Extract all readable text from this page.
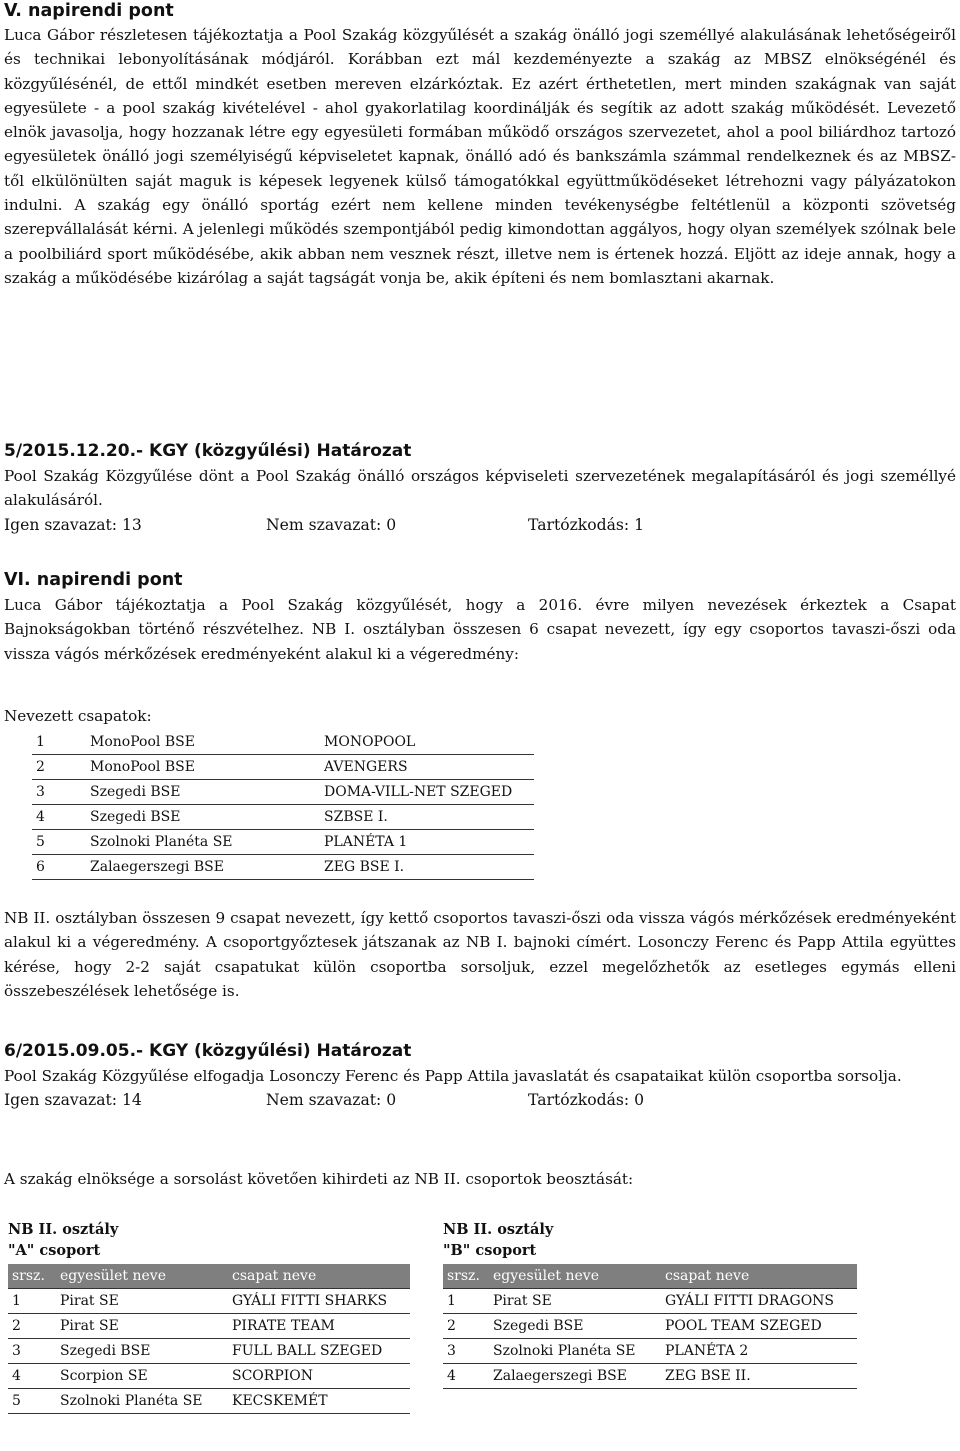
V. napirendi pont

Luca Gábor részletesen tájékoztatja a Pool Szakág közgyűlését a szakág önálló jogi személlyé alakulásának lehetőségeiről és technikai lebonyolításának módjáról. Korábban ezt mál kezdeményezte a szakág az MBSZ elnökségénél és közgyűlésénél, de ettől mindkét esetben mereven elzárkóztak. Ez azért érthetetlen, mert minden szakágnak van saját egyesülete - a pool szakág kivételével - ahol gyakorlatilag koordinálják és segítik az adott szakág működését. Levezető elnök javasolja, hogy hozzanak létre egy egyesületi formában működő országos szervezetet, ahol a pool biliárdhoz tartozó egyesületek önálló jogi személyiségű képviseletet kapnak, önálló adó és bankszámla számmal rendelkeznek és az MBSZ-től elkülönülten saját maguk is képesek legyenek külső támogatókkal együttműködéseket létrehozni vagy pályázatokon indulni. A szakág egy önálló sportág ezért nem kellene minden tevékenységbe feltétlenül a központi szövetség szerepvállalását kérni. A jelenlegi működés szempontjából pedig kimondottan aggályos, hogy olyan személyek szólnak bele a poolbiliárd sport működésébe, akik abban nem vesznek részt, illetve nem is értenek hozzá. Eljött az ideje annak, hogy a szakág a működésébe kizárólag a saját tagságát vonja be, akik építeni és nem bomlasztani akarnak.

5/2015.12.20.- KGY (közgyűlési) Határozat

Pool Szakág Közgyűlése dönt a Pool Szakág önálló országos képviseleti szervezetének megalapításáról és jogi személlyé alakulásáról.

Igen szavazat: 13	Nem szavazat: 0	Tartózkodás: 1

VI. napirendi pont

Luca Gábor tájékoztatja a Pool Szakág közgyűlését, hogy a 2016. évre milyen nevezések érkeztek a Csapat Bajnokságokban történő részvételhez. NB I. osztályban összesen 6 csapat nevezett, így egy csoportos tavaszi-őszi oda vissza vágós mérkőzések eredményeként alakul ki a végeredmény:

Nevezett csapatok:

1	MonoPool BSE	MONOPOOL
2	MonoPool BSE	AVENGERS
3	Szegedi BSE	DOMA-VILL-NET SZEGED
4	Szegedi BSE	SZBSE I.
5	Szolnoki Planéta SE	PLANÉTA 1
6	Zalaegerszegi BSE	ZEG BSE I.

NB II. osztályban összesen 9 csapat nevezett, így kettő csoportos tavaszi-őszi oda vissza vágós mérkőzések eredményeként alakul ki a végeredmény. A csoportgyőztesek játszanak az NB I. bajnoki címért. Losonczy Ferenc és Papp Attila együttes kérése, hogy 2-2 saját csapatukat külön csoportba sorsoljuk, ezzel megelőzhetők az esetleges egymás elleni összebeszélések lehetősége is.

6/2015.09.05.- KGY (közgyűlési) Határozat

Pool Szakág Közgyűlése elfogadja Losonczy Ferenc és Papp Attila javaslatát és csapataikat külön csoportba sorsolja.

Igen szavazat: 14	Nem szavazat: 0	Tartózkodás: 0

A szakág elnöksége a sorsolást követően kihirdeti az NB II. csoportok beosztását:

NB II. osztály
"A" csoport
srsz.	egyesület neve	csapat neve
1	Pirat SE	GYÁLI FITTI SHARKS
2	Pirat SE	PIRATE TEAM
3	Szegedi BSE	FULL BALL SZEGED
4	Scorpion SE	SCORPION
5	Szolnoki Planéta SE	KECSKEMÉT
NB II. osztály
"B" csoport
srsz.	egyesület neve	csapat neve
1	Pirat SE	GYÁLI FITTI DRAGONS
2	Szegedi BSE	POOL TEAM SZEGED
3	Szolnoki Planéta SE	PLANÉTA 2
4	Zalaegerszegi BSE	ZEG BSE II.
